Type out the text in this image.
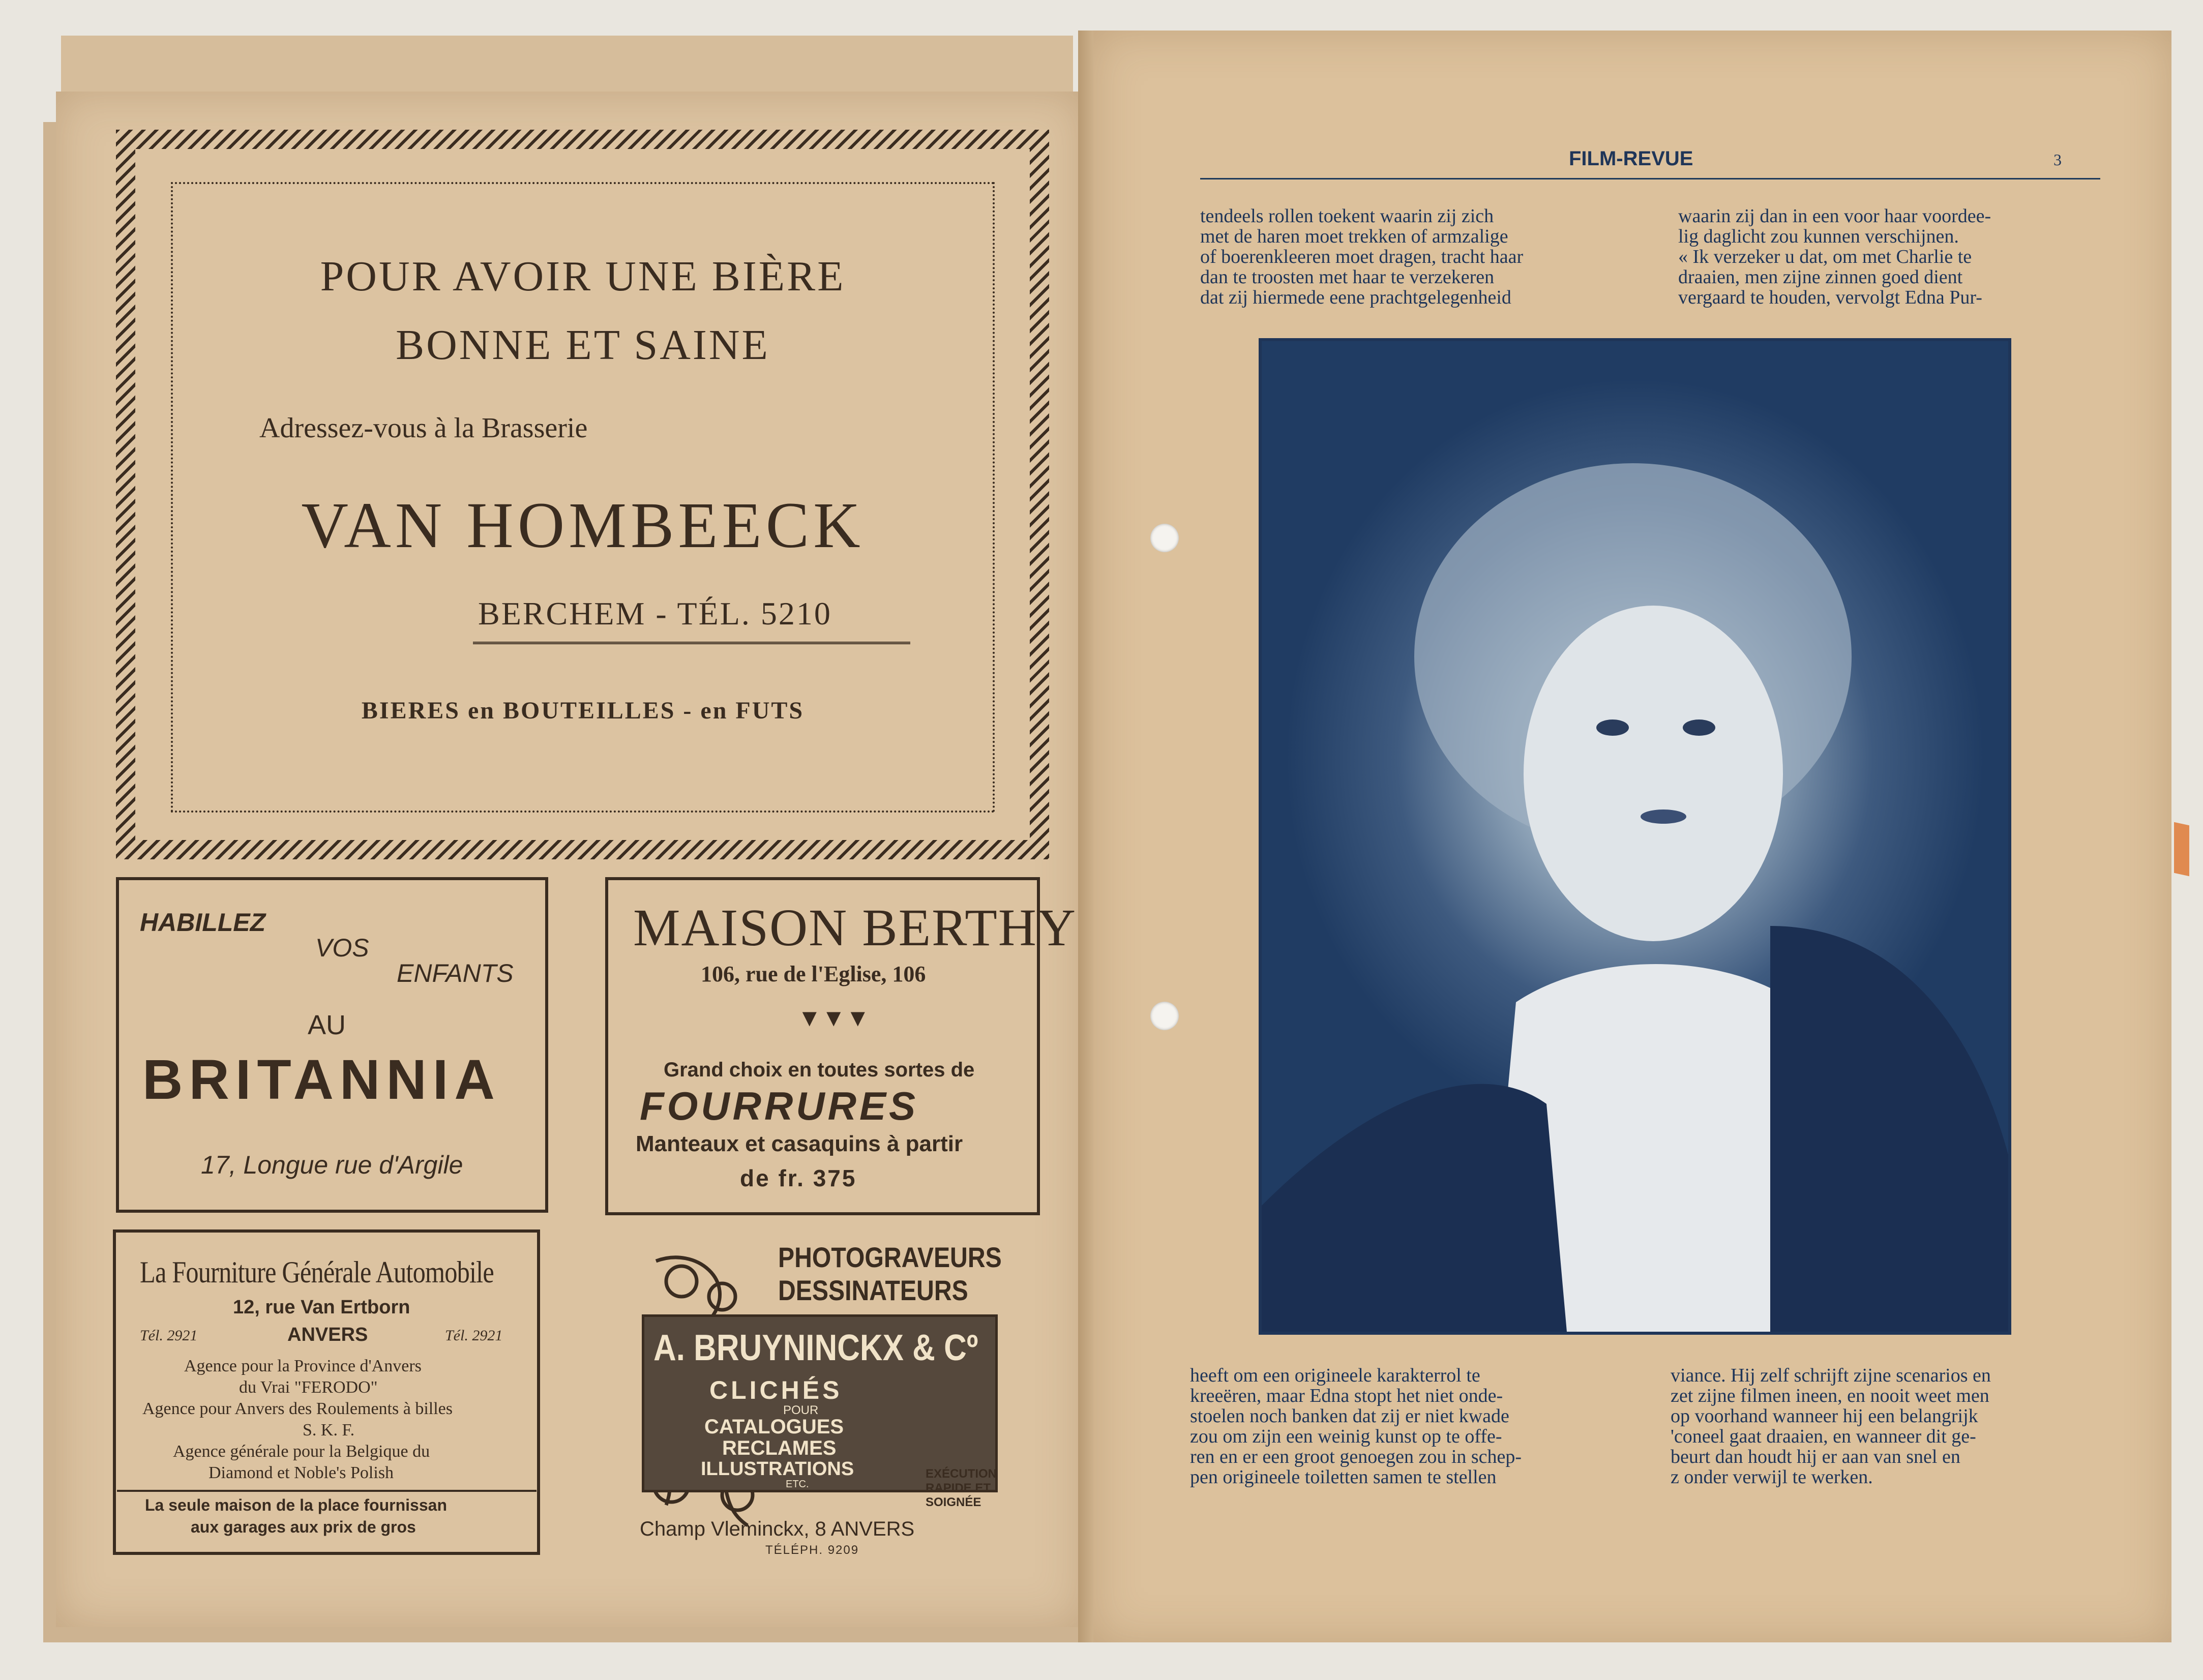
POUR AVOIR UNE BIÈRE
BONNE ET SAINE
Adressez-vous à la Brasserie
VAN HOMBEECK
BERCHEM - TÉL. 5210
BIERES en BOUTEILLES - en FUTS
HABILLEZ
VOS
ENFANTS
AU
BRITANNIA
17, Longue rue d'Argile
MAISON BERTHY
106, rue de l'Eglise, 106
▼▼▼
Grand choix en toutes sortes de
FOURRURES
Manteaux et casaquins à partir
de fr. 375
La Fourniture Générale Automobile
12, rue Van Ertborn
Tél. 2921	ANVERS	Tél. 2921
Agence pour la Province d'Anvers
du Vrai "FERODO"
Agence pour Anvers des Roulements à billes
S. K. F.
Agence générale pour la Belgique du
Diamond et Noble's Polish
La seule maison de la place fournissan
aux garages aux prix de gros
PHOTOGRAVEURS
DESSINATEURS
A. BRUYNINCKX & Cº
CLICHÉS
POUR
CATALOGUES
RECLAMES
ILLUSTRATIONS
ETC.
EXÉCUTION
RAPIDE ET
SOIGNÉE
Champ Vleminckx, 8 ANVERS
TÉLÉPH. 9209
FILM-REVUE	3
tendeels rollen toekent waarin zij zich
met de haren moet trekken of armzalige
of boerenkleeren moet dragen, tracht haar
dan te troosten met haar te verzekeren
dat zij hiermede eene prachtgelegenheid
waarin zij dan in een voor haar voordee-
lig daglicht zou kunnen verschijnen.
« Ik verzeker u dat, om met Charlie te
draaien, men zijne zinnen goed dient
vergaard te houden, vervolgt Edna Pur-
heeft om een origineele karakterrol te
kreeëren, maar Edna stopt het niet onde-
stoelen noch banken dat zij er niet kwade
zou om zijn een weinig kunst op te offe-
ren en er een groot genoegen zou in schep-
pen origineele toiletten samen te stellen
viance. Hij zelf schrijft zijne scenarios en
zet zijne filmen ineen, en nooit weet men
op voorhand wanneer hij een belangrijk
'coneel gaat draaien, en wanneer dit ge-
beurt dan houdt hij er aan van snel en
z onder verwijl te werken.
